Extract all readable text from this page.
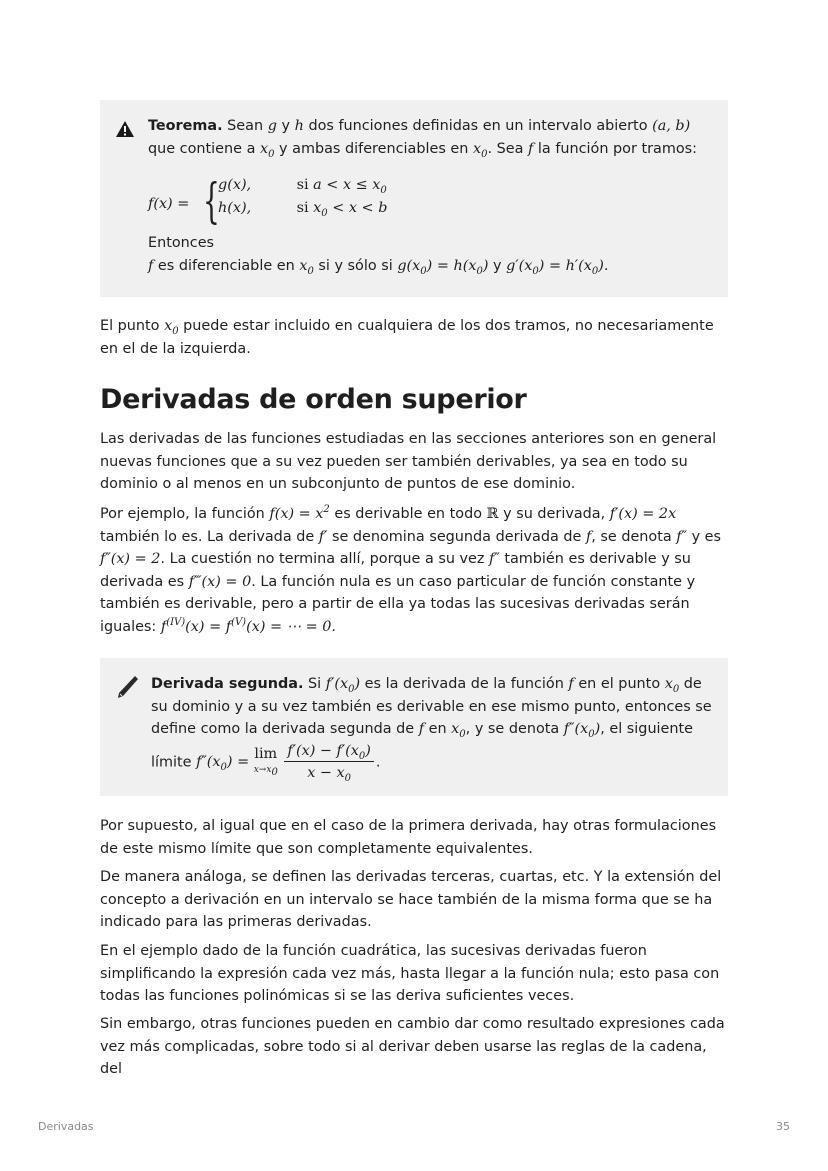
Teorema. Sean g y h dos funciones definidas en un intervalo abierto (a, b) que contiene a $x_0$ y ambas diferenciables en $x_0$. Sea f la función por tramos:
f(x) = {
g(x),	si $a < x \le x_0$
h(x),	si $x_0 < x < b$
Entonces
f es diferenciable en $x_0$ si y sólo si $g(x_0) = h(x_0)$ y $g'(x_0) = h'(x_0)$.
El punto $x_0$ puede estar incluido en cualquiera de los dos tramos, no necesariamente en el de la izquierda.
Derivadas de orden superior
Las derivadas de las funciones estudiadas en las secciones anteriores son en general nuevas funciones que a su vez pueden ser también derivables, ya sea en todo su dominio o al menos en un subconjunto de puntos de ese dominio.
Por ejemplo, la función $f(x) = x^2$ es derivable en todo ℝ y su derivada, f′(x) = 2x también lo es. La derivada de f′ se denomina segunda derivada de f, se denota f″ y es f″(x) = 2. La cuestión no termina allí, porque a su vez f″ también es derivable y su derivada es f‴(x) = 0. La función nula es un caso particular de función constante y también es derivable, pero a partir de ella ya todas las sucesivas derivadas serán iguales: $f^{(IV)}(x) = f^{(V)}(x)$ = ⋯ = 0.
Derivada segunda. Si $f'(x_0)$ es la derivada de la función f en el punto $x_0$ de su dominio y a su vez también es derivable en ese mismo punto, entonces se define como la derivada segunda de f en $x_0$, y se denota $f''(x_0)$, el siguiente
límite $f''(x_0) = \lim$
$x\to x_0$
$\frac{f'(x) - f'(x_0)}{x - x_0}$ .
Por supuesto, al igual que en el caso de la primera derivada, hay otras formulaciones de este mismo límite que son completamente equivalentes.
De manera análoga, se definen las derivadas terceras, cuartas, etc. Y la extensión del concepto a derivación en un intervalo se hace también de la misma forma que se ha indicado para las primeras derivadas.
En el ejemplo dado de la función cuadrática, las sucesivas derivadas fueron simplificando la expresión cada vez más, hasta llegar a la función nula; esto pasa con todas las funciones polinómicas si se las deriva suficientes veces.
Sin embargo, otras funciones pueden en cambio dar como resultado expresiones cada vez más complicadas, sobre todo si al derivar deben usarse las reglas de la cadena, del
Derivadas	35
